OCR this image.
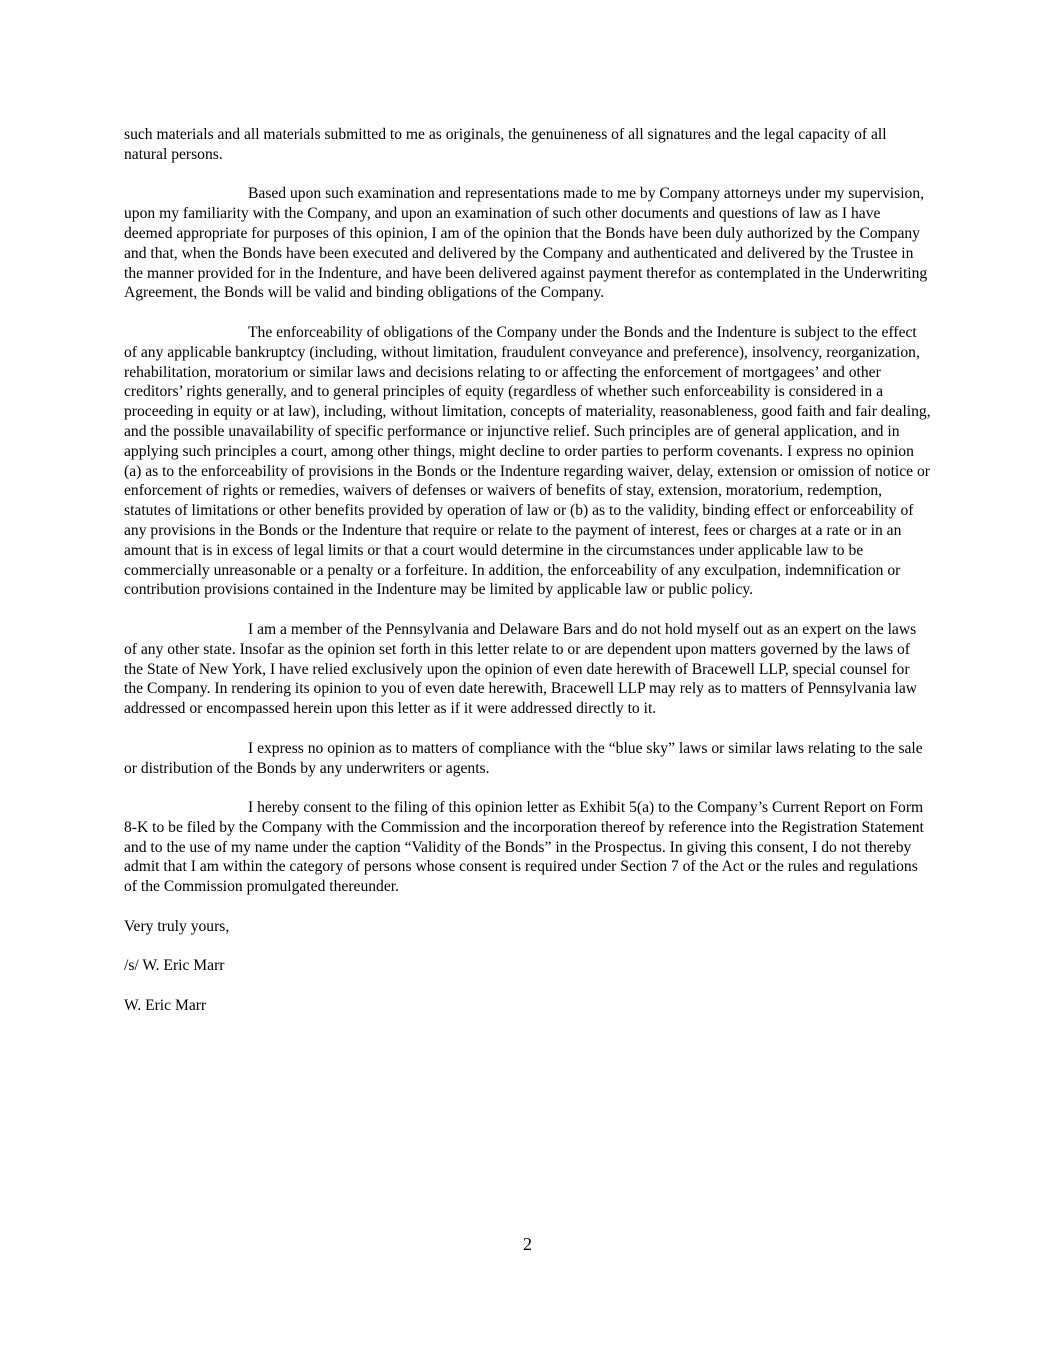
such materials and all materials submitted to me as originals, the genuineness of all signatures and the legal capacity of all natural persons.

Based upon such examination and representations made to me by Company attorneys under my supervision, upon my familiarity with the Company, and upon an examination of such other documents and questions of law as I have deemed appropriate for purposes of this opinion, I am of the opinion that the Bonds have been duly authorized by the Company and that, when the Bonds have been executed and delivered by the Company and authenticated and delivered by the Trustee in the manner provided for in the Indenture, and have been delivered against payment therefor as contemplated in the Underwriting Agreement, the Bonds will be valid and binding obligations of the Company.

The enforceability of obligations of the Company under the Bonds and the Indenture is subject to the effect of any applicable bankruptcy (including, without limitation, fraudulent conveyance and preference), insolvency, reorganization, rehabilitation, moratorium or similar laws and decisions relating to or affecting the enforcement of mortgagees’ and other creditors’ rights generally, and to general principles of equity (regardless of whether such enforceability is considered in a proceeding in equity or at law), including, without limitation, concepts of materiality, reasonableness, good faith and fair dealing, and the possible unavailability of specific performance or injunctive relief. Such principles are of general application, and in applying such principles a court, among other things, might decline to order parties to perform covenants. I express no opinion (a) as to the enforceability of provisions in the Bonds or the Indenture regarding waiver, delay, extension or omission of notice or enforcement of rights or remedies, waivers of defenses or waivers of benefits of stay, extension, moratorium, redemption, statutes of limitations or other benefits provided by operation of law or (b) as to the validity, binding effect or enforceability of any provisions in the Bonds or the Indenture that require or relate to the payment of interest, fees or charges at a rate or in an amount that is in excess of legal limits or that a court would determine in the circumstances under applicable law to be commercially unreasonable or a penalty or a forfeiture. In addition, the enforceability of any exculpation, indemnification or contribution provisions contained in the Indenture may be limited by applicable law or public policy.

I am a member of the Pennsylvania and Delaware Bars and do not hold myself out as an expert on the laws of any other state. Insofar as the opinion set forth in this letter relate to or are dependent upon matters governed by the laws of the State of New York, I have relied exclusively upon the opinion of even date herewith of Bracewell LLP, special counsel for the Company. In rendering its opinion to you of even date herewith, Bracewell LLP may rely as to matters of Pennsylvania law addressed or encompassed herein upon this letter as if it were addressed directly to it.

I express no opinion as to matters of compliance with the “blue sky” laws or similar laws relating to the sale or distribution of the Bonds by any underwriters or agents.

I hereby consent to the filing of this opinion letter as Exhibit 5(a) to the Company’s Current Report on Form 8-K to be filed by the Company with the Commission and the incorporation thereof by reference into the Registration Statement and to the use of my name under the caption “Validity of the Bonds” in the Prospectus. In giving this consent, I do not thereby admit that I am within the category of persons whose consent is required under Section 7 of the Act or the rules and regulations of the Commission promulgated thereunder.

Very truly yours,

/s/ W. Eric Marr

W. Eric Marr

2
